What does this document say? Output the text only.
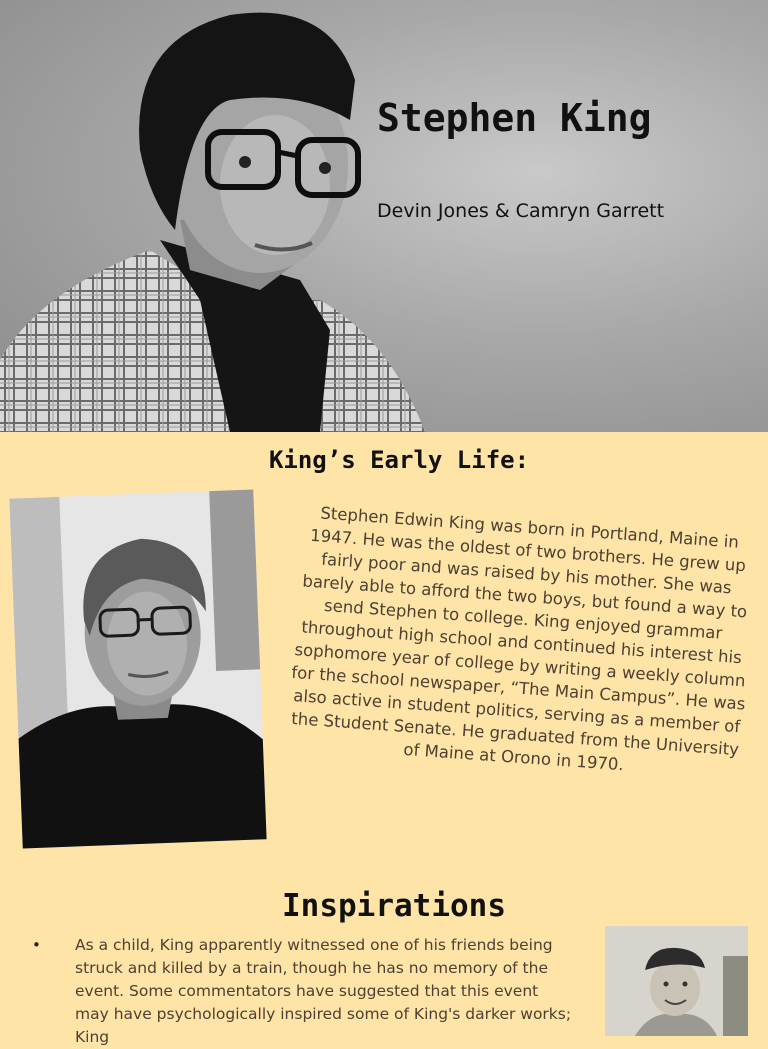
Stephen King
Devin Jones & Camryn Garrett
King’s Early Life:

Stephen Edwin King was born in Portland, Maine in 1947. He was the oldest of two brothers. He grew up fairly poor and was raised by his mother. She was barely able to afford the two boys, but found a way to send Stephen to college. King enjoyed grammar throughout high school and continued his interest his sophomore year of college by writing a weekly column for the school newspaper, “The Main Campus”. He was also active in student politics, serving as a member of the Student Senate. He graduated from the University of Maine at Orono in 1970.

Inspirations
• As a child, King apparently witnessed one of his friends being struck and killed by a train, though he has no memory of the event. Some commentators have suggested that this event may have psychologically inspired some of King's darker works; King
